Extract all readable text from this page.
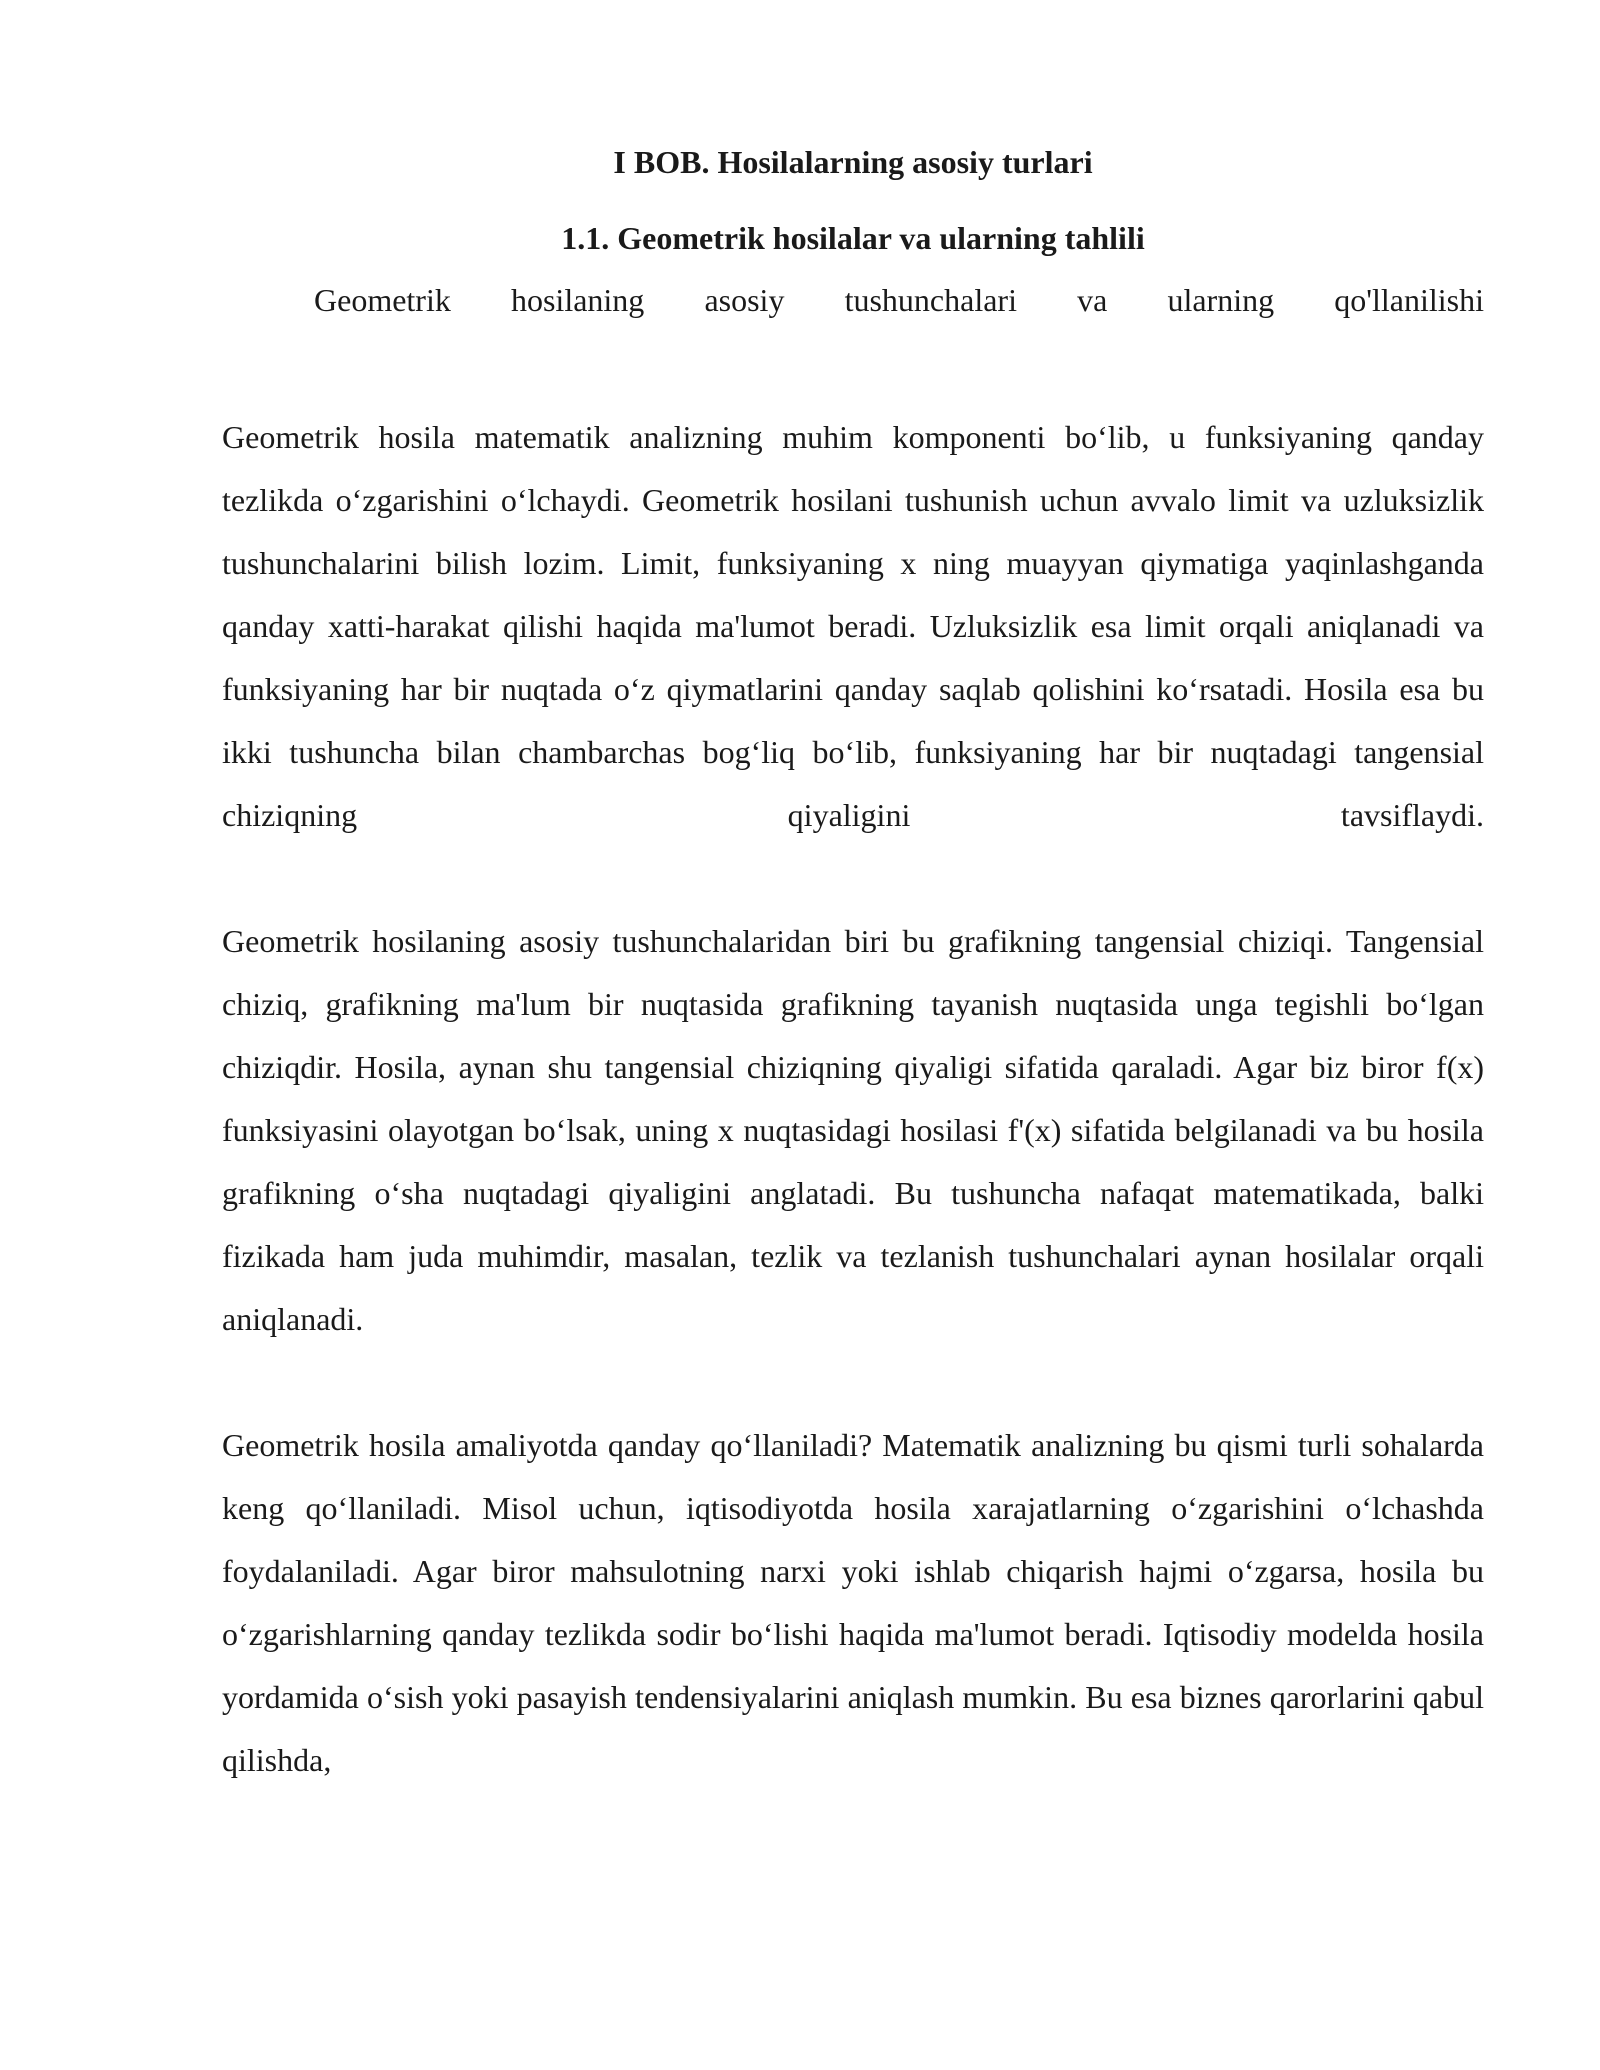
I BOB. Hosilalarning asosiy turlari

1.1. Geometrik hosilalar va ularning tahlili

Geometrik hosilaning asosiy tushunchalari va ularning qo'llanilishi

Geometrik hosila matematik analizning muhim komponenti bo‘lib, u funksiyaning qanday tezlikda o‘zgarishini o‘lchaydi. Geometrik hosilani tushunish uchun avvalo limit va uzluksizlik tushunchalarini bilish lozim. Limit, funksiyaning x ning muayyan qiymatiga yaqinlashganda qanday xatti-harakat qilishi haqida ma'lumot beradi. Uzluksizlik esa limit orqali aniqlanadi va funksiyaning har bir nuqtada o‘z qiymatlarini qanday saqlab qolishini ko‘rsatadi. Hosila esa bu ikki tushuncha bilan chambarchas bog‘liq bo‘lib, funksiyaning har bir nuqtadagi tangensial chiziqning qiyaligini tavsiflaydi.

Geometrik hosilaning asosiy tushunchalaridan biri bu grafikning tangensial chiziqi. Tangensial chiziq, grafikning ma'lum bir nuqtasida grafikning tayanish nuqtasida unga tegishli bo‘lgan chiziqdir. Hosila, aynan shu tangensial chiziqning qiyaligi sifatida qaraladi. Agar biz biror f(x) funksiyasini olayotgan bo‘lsak, uning x nuqtasidagi hosilasi f'(x) sifatida belgilanadi va bu hosila grafikning o‘sha nuqtadagi qiyaligini anglatadi. Bu tushuncha nafaqat matematikada, balki fizikada ham juda muhimdir, masalan, tezlik va tezlanish tushunchalari aynan hosilalar orqali aniqlanadi.

Geometrik hosila amaliyotda qanday qo‘llaniladi? Matematik analizning bu qismi turli sohalarda keng qo‘llaniladi. Misol uchun, iqtisodiyotda hosila xarajatlarning o‘zgarishini o‘lchashda foydalaniladi. Agar biror mahsulotning narxi yoki ishlab chiqarish hajmi o‘zgarsa, hosila bu o‘zgarishlarning qanday tezlikda sodir bo‘lishi haqida ma'lumot beradi. Iqtisodiy modelda hosila yordamida o‘sish yoki pasayish tendensiyalarini aniqlash mumkin. Bu esa biznes qarorlarini qabul qilishda,
